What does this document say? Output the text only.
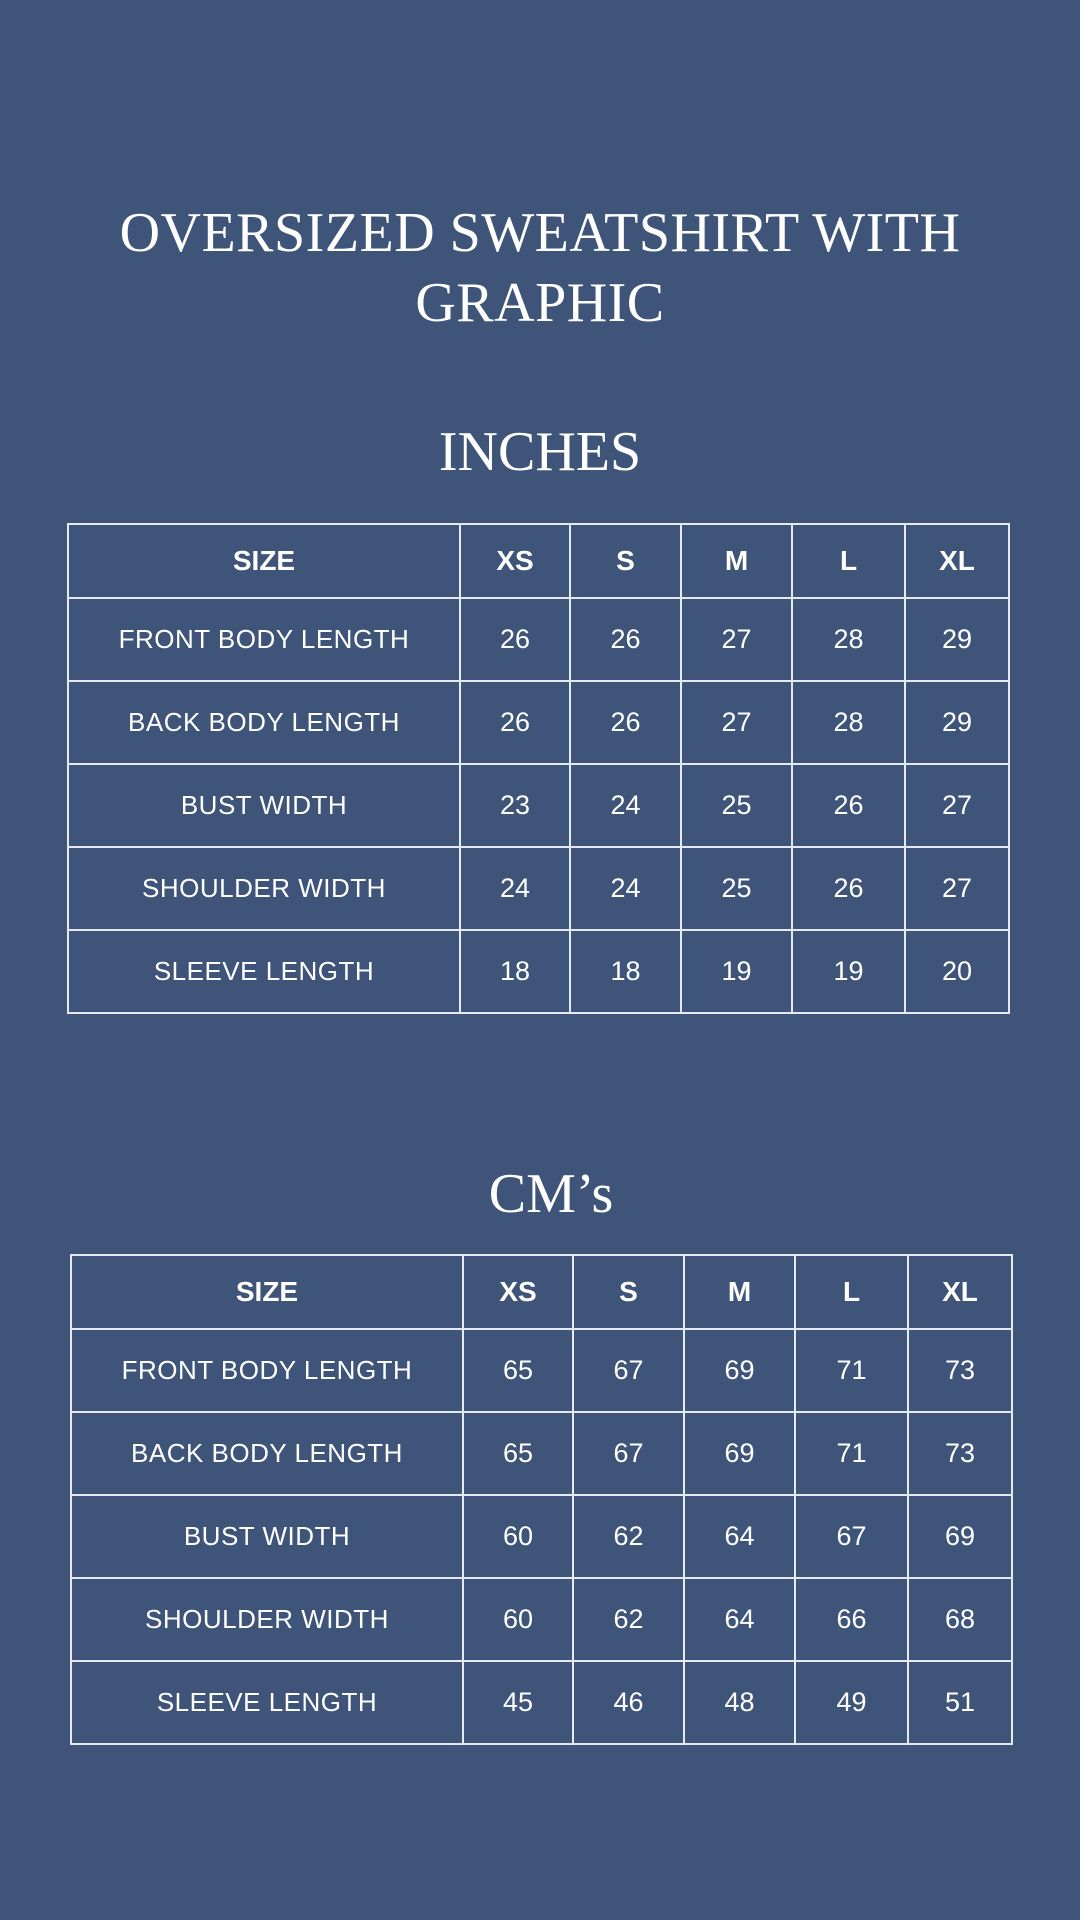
OVERSIZED SWEATSHIRT WITH
GRAPHIC
INCHES
SIZE	XS	S	M	L	XL
FRONT BODY LENGTH	26	26	27	28	29
BACK BODY LENGTH	26	26	27	28	29
BUST WIDTH	23	24	25	26	27
SHOULDER WIDTH	24	24	25	26	27
SLEEVE LENGTH	18	18	19	19	20
CM’s
SIZE	XS	S	M	L	XL
FRONT BODY LENGTH	65	67	69	71	73
BACK BODY LENGTH	65	67	69	71	73
BUST WIDTH	60	62	64	67	69
SHOULDER WIDTH	60	62	64	66	68
SLEEVE LENGTH	45	46	48	49	51
